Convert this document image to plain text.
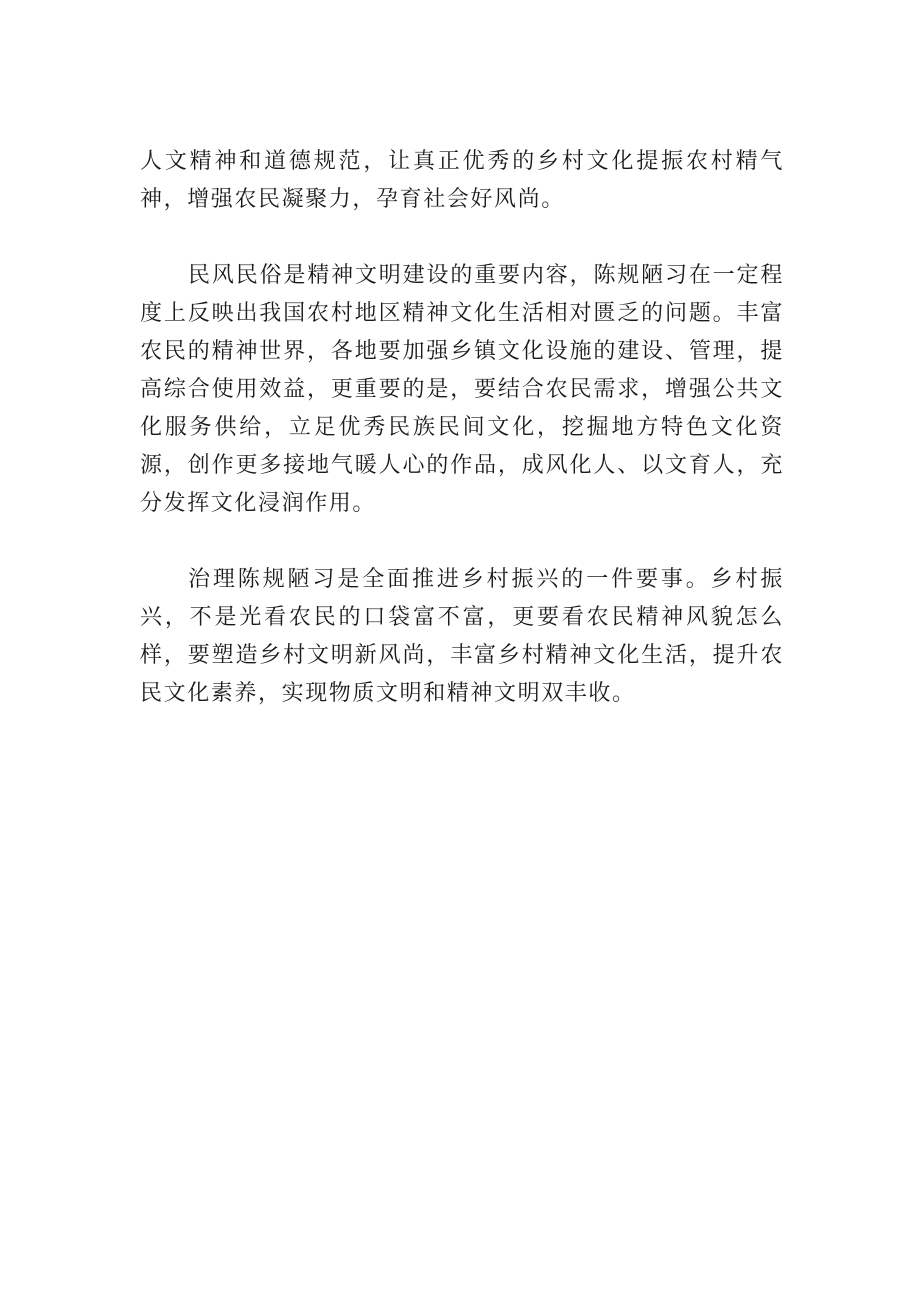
人文精神和道德规范，让真正优秀的乡村文化提振农村精气神，增强农民凝聚力，孕育社会好风尚。

民风民俗是精神文明建设的重要内容，陈规陋习在一定程度上反映出我国农村地区精神文化生活相对匮乏的问题。丰富农民的精神世界，各地要加强乡镇文化设施的建设、管理，提高综合使用效益，更重要的是，要结合农民需求，增强公共文化服务供给，立足优秀民族民间文化，挖掘地方特色文化资源，创作更多接地气暖人心的作品，成风化人、以文育人，充分发挥文化浸润作用。

治理陈规陋习是全面推进乡村振兴的一件要事。乡村振兴，不是光看农民的口袋富不富，更要看农民精神风貌怎么样，要塑造乡村文明新风尚，丰富乡村精神文化生活，提升农民文化素养，实现物质文明和精神文明双丰收。
